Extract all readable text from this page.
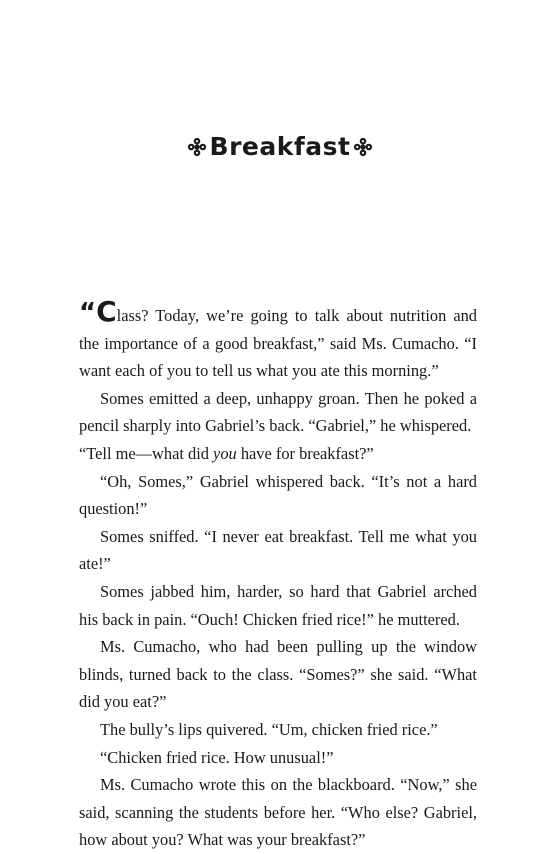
Breakfast

“Class? Today, we’re going to talk about nutrition and the importance of a good breakfast,” said Ms. Cumacho. “I want each of you to tell us what you ate this morning.”

Somes emitted a deep, unhappy groan. Then he poked a pencil sharply into Gabriel’s back. “Gabriel,” he whispered.

“Tell me—what did you have for breakfast?”

“Oh, Somes,” Gabriel whispered back. “It’s not a hard question!”

Somes sniffed. “I never eat breakfast. Tell me what you ate!”

Somes jabbed him, harder, so hard that Gabriel arched his back in pain. “Ouch! Chicken fried rice!” he muttered.

Ms. Cumacho, who had been pulling up the window blinds, turned back to the class. “Somes?” she said. “What did you eat?”

The bully’s lips quivered. “Um, chicken fried rice.”

“Chicken fried rice. How unusual!”

Ms. Cumacho wrote this on the blackboard. “Now,” she said, scanning the students before her. “Who else? Gabriel, how about you? What was your breakfast?”
